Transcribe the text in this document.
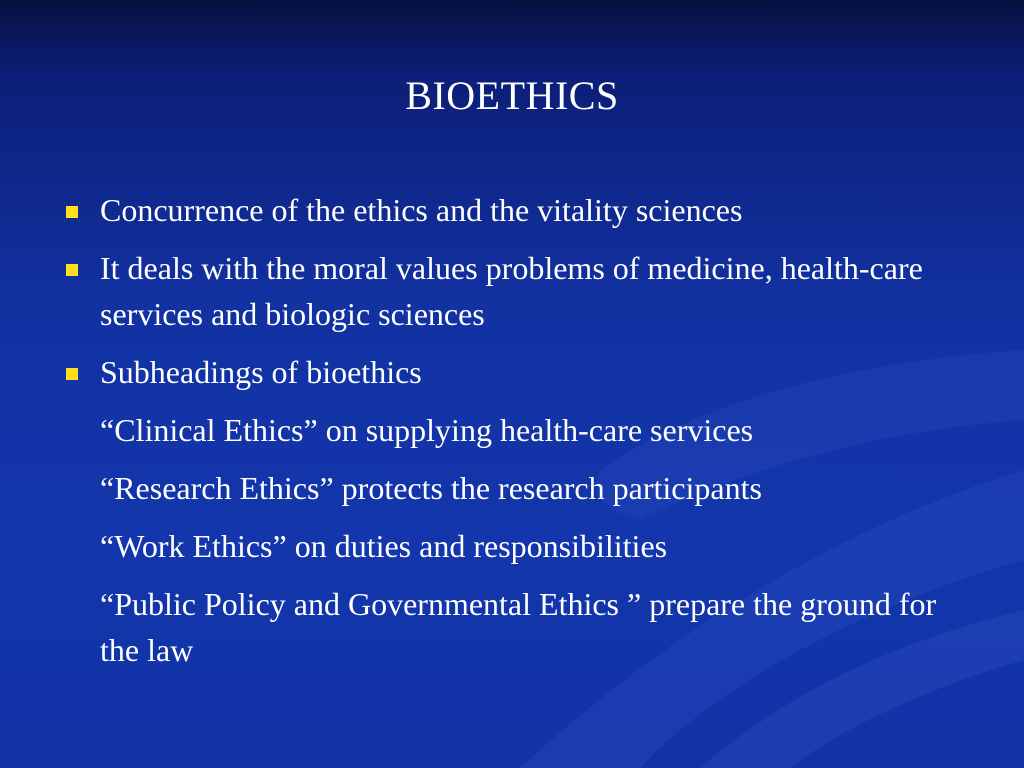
BIOETHICS
Concurrence of the ethics and the vitality sciences
It deals with the moral values problems of medicine, health-care services and biologic sciences
Subheadings of bioethics
“Clinical Ethics” on supplying health-care services
“Research Ethics” protects the research participants
“Work Ethics” on duties and responsibilities
“Public Policy and Governmental Ethics ” prepare the ground for the law
